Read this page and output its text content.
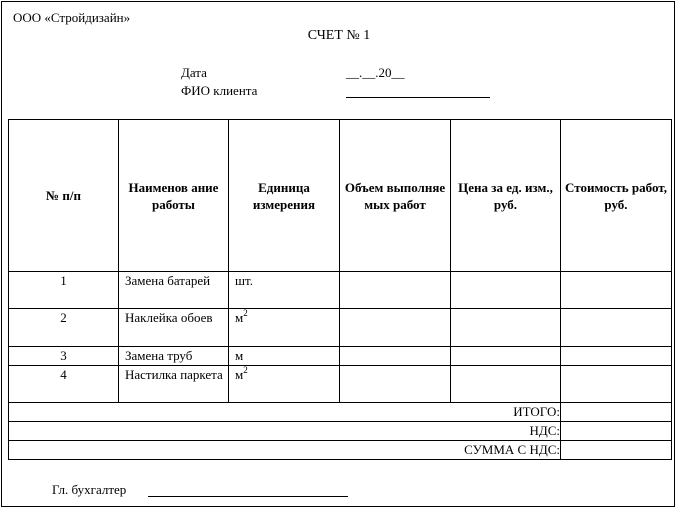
ООО «Стройдизайн»
СЧЕТ № 1
Дата	__.__.20__
ФИО клиента
№ п/п	Наименов ание работы	Единица измерения	Объем выполняе мых работ	Цена за ед. изм., руб.	Стоимость работ, руб.
1	Замена батарей	шт.			
2	Наклейка обоев	$м^2$			
3	Замена труб	м			
4	Настилка паркета	$м^2$			
ИТОГО:					
НДС:					
СУММА С НДС:					
Гл. бухгалтер
